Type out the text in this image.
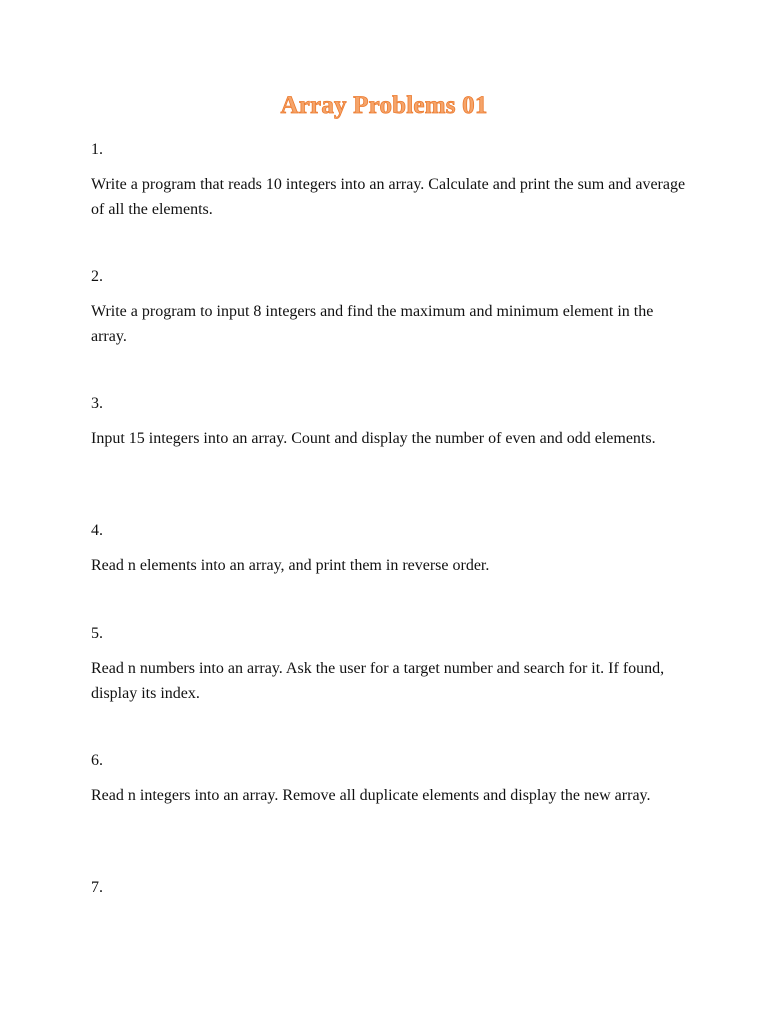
Array Problems 01

1.

Write a program that reads 10 integers into an array. Calculate and print the sum and average of all the elements.

2.

Write a program to input 8 integers and find the maximum and minimum element in the array.

3.

Input 15 integers into an array. Count and display the number of even and odd elements.

4.

Read n elements into an array, and print them in reverse order.

5.

Read n numbers into an array. Ask the user for a target number and search for it. If found, display its index.

6.

Read n integers into an array. Remove all duplicate elements and display the new array.

7.
